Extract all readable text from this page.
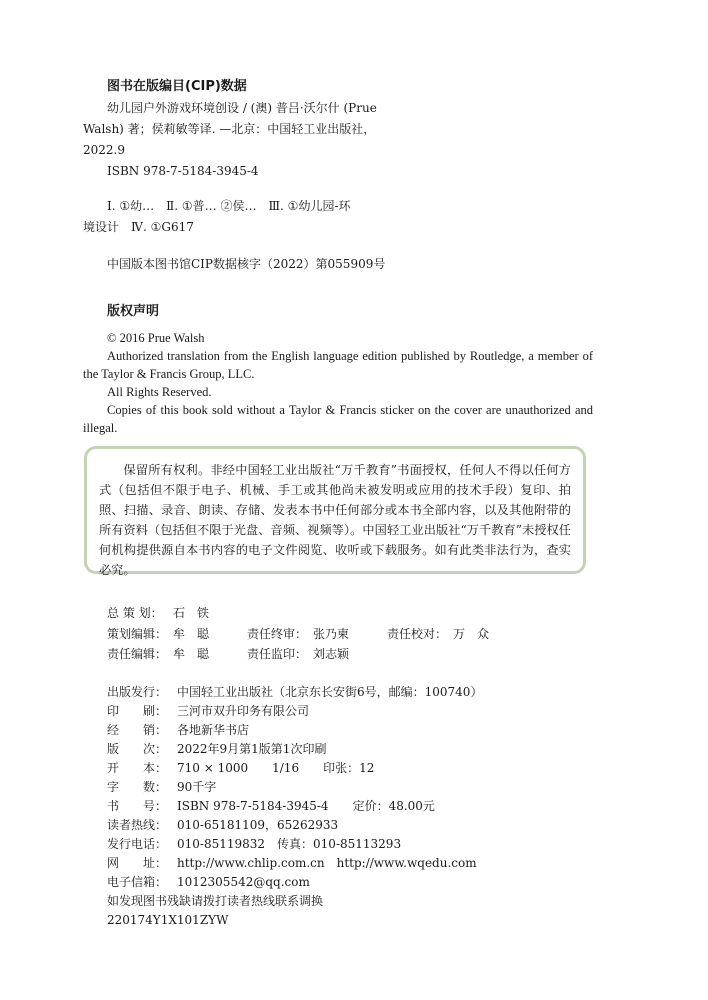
图书在版编目(CIP)数据
幼儿园户外游戏环境创设 / (澳) 普吕·沃尔什 (Prue
Walsh) 著；侯莉敏等译. —北京：中国轻工业出版社，
2022.9
ISBN 978-7-5184-3945-4
Ⅰ. ①幼…　Ⅱ. ①普… ②侯…　Ⅲ. ①幼儿园-环
境设计　Ⅳ. ①G617
中国版本图书馆CIP数据核字（2022）第055909号
版权声明
© 2016 Prue Walsh
Authorized translation from the English language edition published by Routledge, a member of the Taylor & Francis Group, LLC.
All Rights Reserved.
Copies of this book sold without a Taylor & Francis sticker on the cover are unauthorized and illegal.

保留所有权利。非经中国轻工业出版社“万千教育”书面授权，任何人不得以任何方式（包括但不限于电子、机械、手工或其他尚未被发明或应用的技术手段）复印、拍照、扫描、录音、朗读、存储、发表本书中任何部分或本书全部内容，以及其他附带的所有资料（包括但不限于光盘、音频、视频等）。中国轻工业出版社“万千教育”未授权任何机构提供源自本书内容的电子文件阅览、收听或下载服务。如有此类非法行为，查实必究。

总 策 划： 石　铁
策划编辑： 牟　聪	责任终审： 张乃柬	责任校对： 万　众
责任编辑： 牟　聪	责任监印： 刘志颖
出版发行： 中国轻工业出版社（北京东长安街6号，邮编：100740）
印　　刷： 三河市双升印务有限公司
经　　销： 各地新华书店
版　　次： 2022年9月第1版第1次印刷
开　　本： 710 × 1000　　1/16　　印张：12
字　　数： 90千字
书　　号： ISBN 978-7-5184-3945-4　　定价：48.00元
读者热线： 010-65181109，65262933
发行电话： 010-85119832　传真：010-85113293
网　　址： http://www.chlip.com.cn　http://www.wqedu.com
电子信箱： 1012305542@qq.com
如发现图书残缺请拨打读者热线联系调换
220174Y1X101ZYW
